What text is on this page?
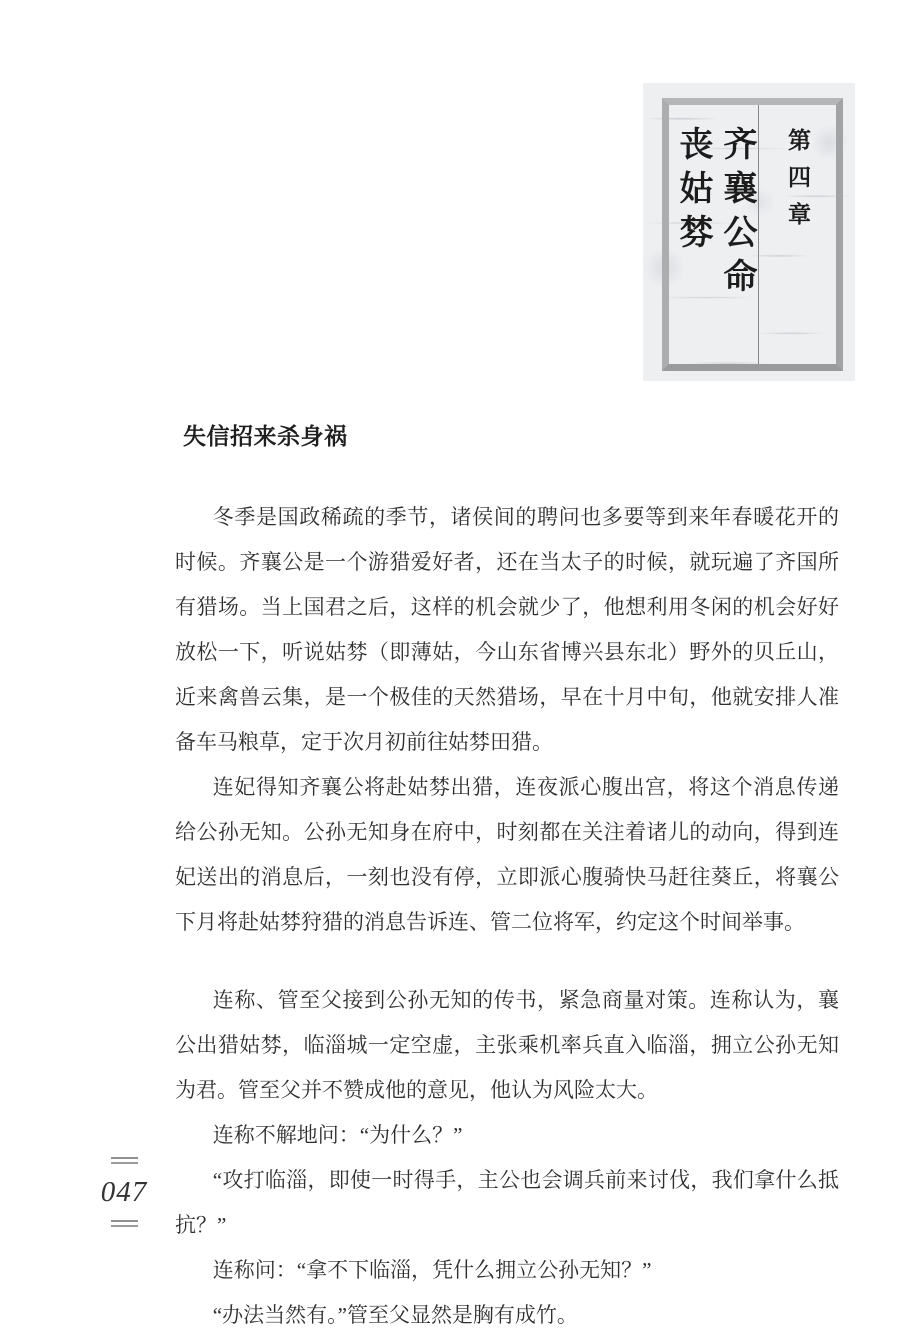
齐襄公命
丧姑棼	第四章
失信招来杀身祸

冬季是国政稀疏的季节，诸侯间的聘问也多要等到来年春暖花开的时候。齐襄公是一个游猎爱好者，还在当太子的时候，就玩遍了齐国所有猎场。当上国君之后，这样的机会就少了，他想利用冬闲的机会好好放松一下，听说姑棼（即薄姑，今山东省博兴县东北）野外的贝丘山，近来禽兽云集，是一个极佳的天然猎场，早在十月中旬，他就安排人准备车马粮草，定于次月初前往姑棼田猎。

连妃得知齐襄公将赴姑棼出猎，连夜派心腹出宫，将这个消息传递给公孙无知。公孙无知身在府中，时刻都在关注着诸儿的动向，得到连妃送出的消息后，一刻也没有停，立即派心腹骑快马赶往葵丘，将襄公下月将赴姑棼狩猎的消息告诉连、管二位将军，约定这个时间举事。

连称、管至父接到公孙无知的传书，紧急商量对策。连称认为，襄公出猎姑棼，临淄城一定空虚，主张乘机率兵直入临淄，拥立公孙无知为君。管至父并不赞成他的意见，他认为风险太大。

连称不解地问：“为什么？”

“攻打临淄，即使一时得手，主公也会调兵前来讨伐，我们拿什么抵抗？”

连称问：“拿不下临淄，凭什么拥立公孙无知？”

“办法当然有。”管至父显然是胸有成竹。

047
